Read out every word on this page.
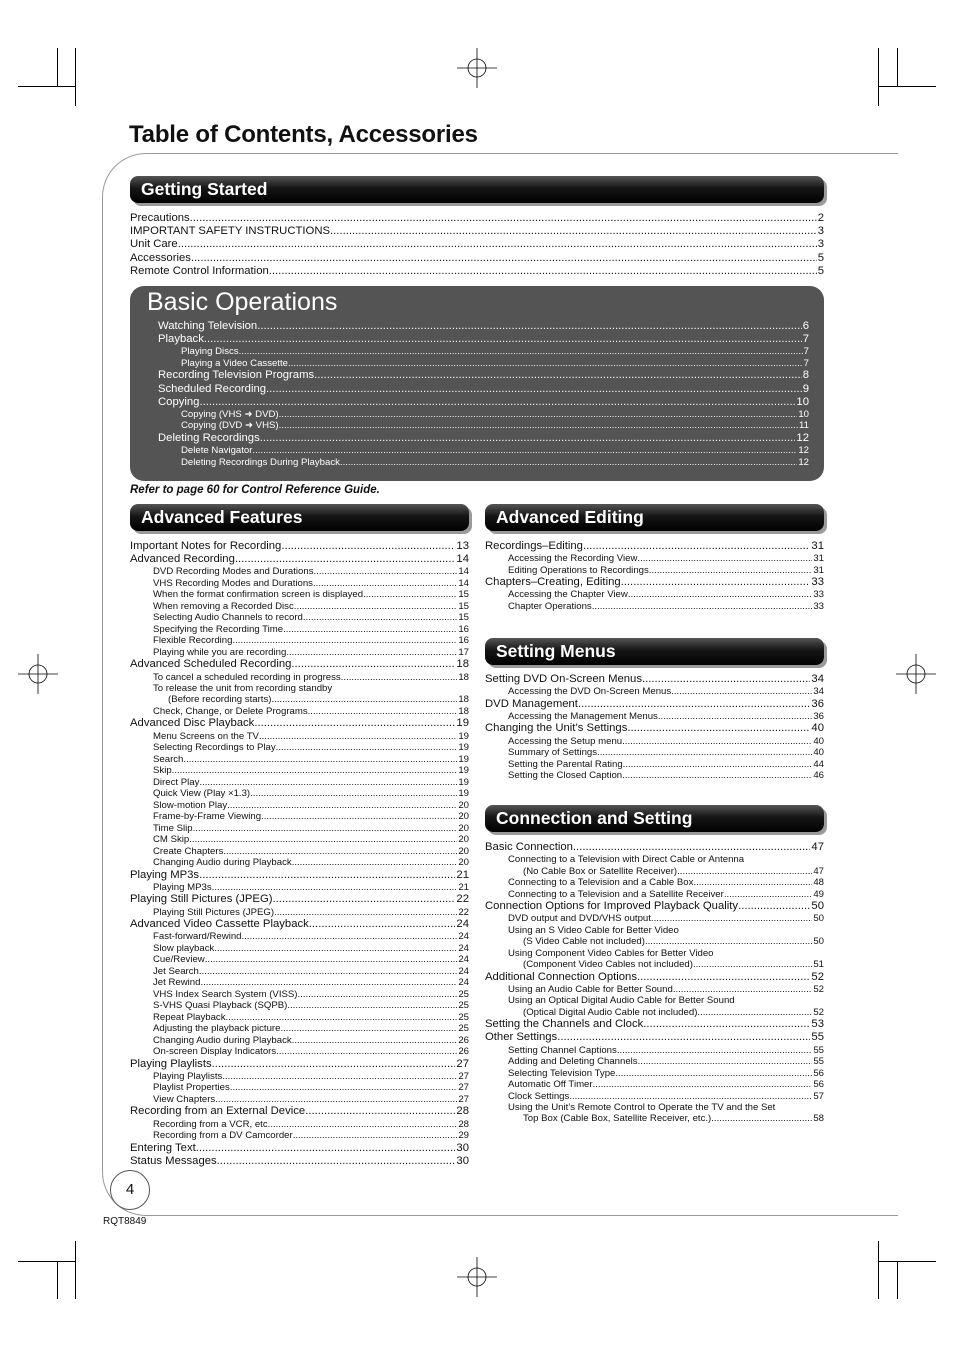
Table of Contents, Accessories
Getting Started
Precautions .....	2
IMPORTANT SAFETY INSTRUCTIONS .....	3
Unit Care .....	3
Accessories .....	5
Remote Control Information .....	5
Basic Operations
Watching Television .....	6
Playback .....	7
Playing Discs .....	7
Playing a Video Cassette .....	7
Recording Television Programs .....	8
Scheduled Recording .....	9
Copying .....	10
Copying (VHS ➜ DVD) .....	10
Copying (DVD ➜ VHS) .....	11
Deleting Recordings .....	12
Delete Navigator .....	12
Deleting Recordings During Playback .....	12
Refer to page 60 for Control Reference Guide.
Advanced Features
Important Notes for Recording .....	13
Advanced Recording .....	14
DVD Recording Modes and Durations .....	14
VHS Recording Modes and Durations .....	14
When the format confirmation screen is displayed .....	15
When removing a Recorded Disc .....	15
Selecting Audio Channels to record .....	15
Specifying the Recording Time .....	16
Flexible Recording .....	16
Playing while you are recording .....	17
Advanced Scheduled Recording .....	18
To cancel a scheduled recording in progress .....	18
To release the unit from recording standby
(Before recording starts) .....	18
Check, Change, or Delete Programs .....	18
Advanced Disc Playback .....	19
Menu Screens on the TV .....	19
Selecting Recordings to Play .....	19
Search .....	19
Skip .....	19
Direct Play .....	19
Quick View (Play ×1.3) .....	19
Slow-motion Play .....	20
Frame-by-Frame Viewing .....	20
Time Slip .....	20
CM Skip .....	20
Create Chapters .....	20
Changing Audio during Playback .....	20
Playing MP3s .....	21
Playing MP3s .....	21
Playing Still Pictures (JPEG) .....	22
Playing Still Pictures (JPEG) .....	22
Advanced Video Cassette Playback .....	24
Fast-forward/Rewind .....	24
Slow playback .....	24
Cue/Review .....	24
Jet Search .....	24
Jet Rewind .....	24
VHS Index Search System (VISS) .....	25
S-VHS Quasi Playback (SQPB) .....	25
Repeat Playback .....	25
Adjusting the playback picture .....	25
Changing Audio during Playback .....	26
On-screen Display Indicators .....	26
Playing Playlists .....	27
Playing Playlists .....	27
Playlist Properties .....	27
View Chapters .....	27
Recording from an External Device .....	28
Recording from a VCR, etc. .....	28
Recording from a DV Camcorder .....	29
Entering Text .....	30
Status Messages .....	30
Advanced Editing
Recordings–Editing .....	31
Accessing the Recording View .....	31
Editing Operations to Recordings .....	31
Chapters–Creating, Editing .....	33
Accessing the Chapter View .....	33
Chapter Operations .....	33
Setting Menus
Setting DVD On-Screen Menus .....	34
Accessing the DVD On-Screen Menus .....	34
DVD Management .....	36
Accessing the Management Menus .....	36
Changing the Unit’s Settings .....	40
Accessing the Setup menu .....	40
Summary of Settings .....	40
Setting the Parental Rating .....	44
Setting the Closed Caption .....	46
Connection and Setting
Basic Connection .....	47
Connecting to a Television with Direct Cable or Antenna
(No Cable Box or Satellite Receiver) .....	47
Connecting to a Television and a Cable Box .....	48
Connecting to a Television and a Satellite Receiver .....	49
Connection Options for Improved Playback Quality .....	50
DVD output and DVD/VHS output .....	50
Using an S Video Cable for Better Video
(S Video Cable not included) .....	50
Using Component Video Cables for Better Video
(Component Video Cables not included) .....	51
Additional Connection Options .....	52
Using an Audio Cable for Better Sound .....	52
Using an Optical Digital Audio Cable for Better Sound
(Optical Digital Audio Cable not included) .....	52
Setting the Channels and Clock .....	53
Other Settings .....	55
Setting Channel Captions .....	55
Adding and Deleting Channels .....	55
Selecting Television Type .....	56
Automatic Off Timer .....	56
Clock Settings .....	57
Using the Unit’s Remote Control to Operate the TV and the Set
Top Box (Cable Box, Satellite Receiver, etc.) .....	58
4
RQT8849
